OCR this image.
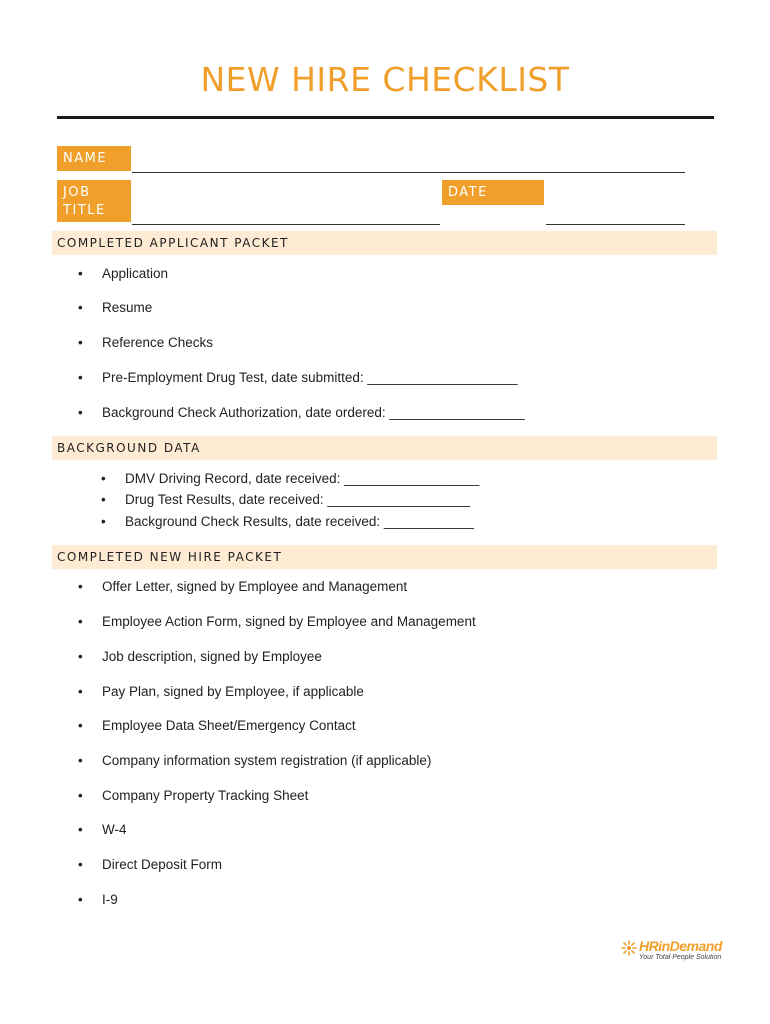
NEW HIRE CHECKLIST
NAME
JOB
TITLE
DATE
COMPLETED APPLICANT PACKET
• Application
• Resume
• Reference Checks
• Pre-Employment Drug Test, date submitted: ____________________
• Background Check Authorization, date ordered: __________________
BACKGROUND DATA
• DMV Driving Record, date received: __________________
• Drug Test Results, date received: ___________________
• Background Check Results, date received: ____________
COMPLETED NEW HIRE PACKET
• Offer Letter, signed by Employee and Management
• Employee Action Form, signed by Employee and Management
• Job description, signed by Employee
• Pay Plan, signed by Employee, if applicable
• Employee Data Sheet/Emergency Contact
• Company information system registration (if applicable)
• Company Property Tracking Sheet
• W-4
• Direct Deposit Form
• I-9
HRinDemand
Your Total People Solution
